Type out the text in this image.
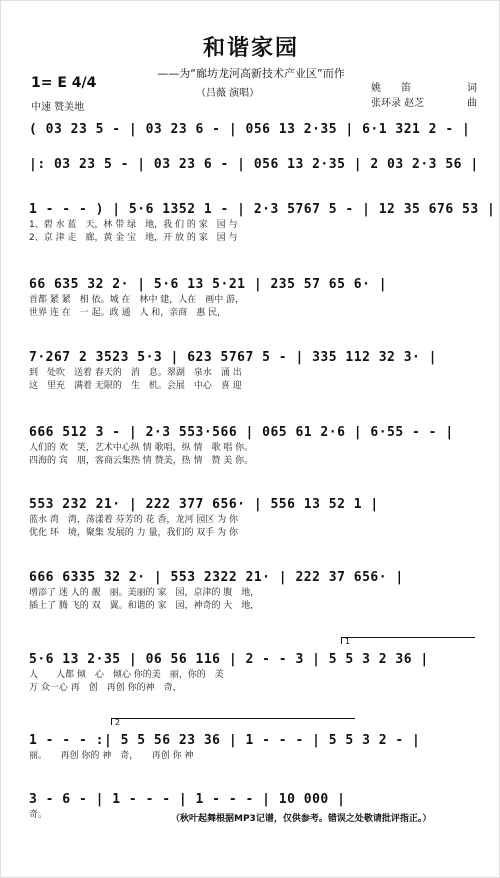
和谐家园
——为“廊坊龙河高新技术产业区”而作
（吕薇 演唱）
1= E 4/4
中速 赞美地
姚　　笛	词
张环录 赵芝	曲
( 03 23 5 - | 03 23 6 - | 056 13 2·35 | 6·1 321 2 - |
|: 03 23 5 - | 03 23 6 - | 056 13 2·35 | 2 03 2·3 56 |
1 - - - ) | 5·6 1352 1 - | 2·3 5767 5 - | 12 35 676 53 |
1、碧 水 蓝　天，林 带 绿　地，我 们 的 家　园 与
2、京 津 走　廊，黄 金 宝　地，开 放 的 家　园 与
66 635 32 2· | 5·6 13 5·21 | 235 57 65 6· |
首都 紧 紧　相 依。城 在　林中 建，人在　画中 游，
世界 连 在　一 起。政 通　人 和，亲商　惠 民，
7·267 2 3523 5·3 | 623 5767 5 - | 335 112 32 3· |
到　处吹　送着 春天的　消　息。翠湖　泉水　涌 出
这　里充　满着 无限的　生　机。会展　中心　喜 迎
666 512 3 - | 2·3 553·566 | 065 61 2·6 | 6·55 - - |
人们的 欢　笑，艺术中心纵 情 歌唱，纵 情　歌 唱 你。
四海的 宾　朋，客商云集热 情 赞美，热 情　赞 美 你。
553 232 21· | 222 377 656· | 556 13 52 1 |
蓝水 湾　湾，荡漾着 芬芳的 花 香，龙河 园区 为 你
优化 环　境，聚集 发展的 力 量，我们的 双手 为 你
666 6335 32 2· | 553 2322 21· | 222 37 656· |
增添了 迷 人的 靓　丽。美丽的 家　园，京津的 腹　地，
插上了 腾 飞的 双　翼。和谐的 家　园，神奇的 大　地，
1
5·6 13 2·35 | 06 56 116 | 2 - - 3 | 5 5 3 2 36 |
人　　人都 倾　心　倾心 你的美　丽，你的　美
万 众一心 再　创　再创 你的神　奇，
2
1 - - - :| 5 5 56 23 36 | 1 - - - | 5 5 3 2 - |
丽。　　再创 你的 神　奇，　　再创 你 神
3 - 6 - | 1 - - - | 1 - - - | 10 000 |
奇。	（秋叶起舞根据MP3记谱，仅供参考。错误之处敬请批评指正。）
